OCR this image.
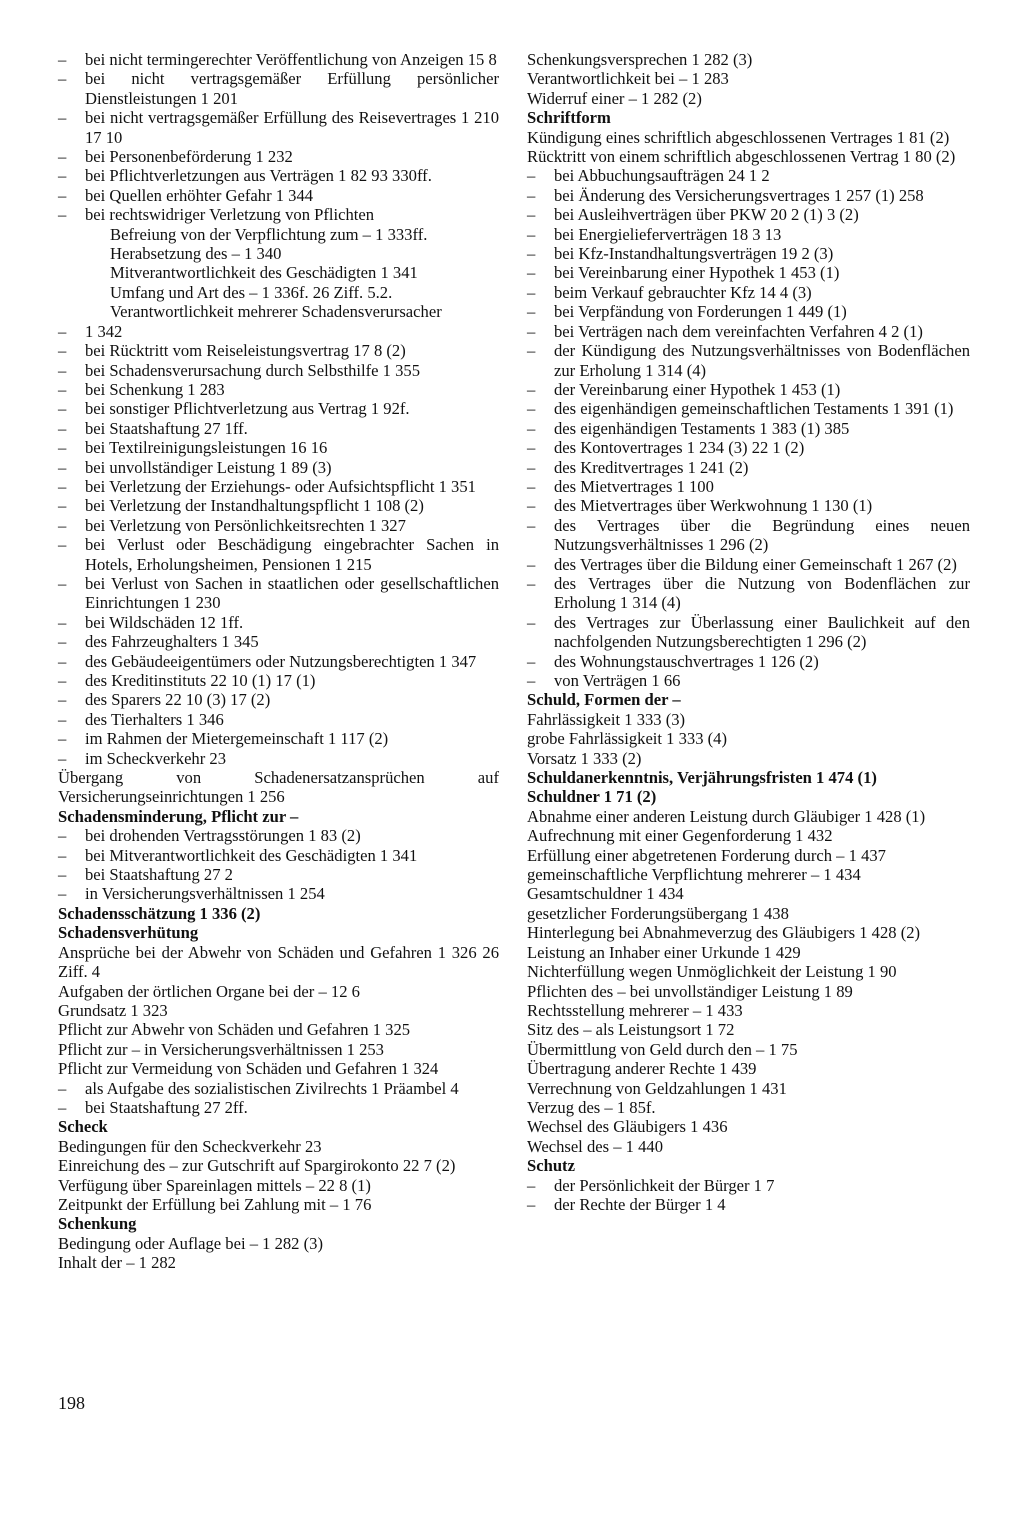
– bei nicht termingerechter Veröffentlichung von Anzeigen 15 8
– bei nicht vertragsgemäßer Erfüllung persönlicher Dienstleistungen 1 201
– bei nicht vertragsgemäßer Erfüllung des Reisevertrages 1 210 17 10
– bei Personenbeförderung 1 232
– bei Pflichtverletzungen aus Verträgen 1 82 93 330ff.
– bei Quellen erhöhter Gefahr 1 344
– bei rechtswidriger Verletzung von Pflichten
Befreiung von der Verpflichtung zum – 1 333ff.
Herabsetzung des – 1 340
Mitverantwortlichkeit des Geschädigten 1 341
Umfang und Art des – 1 336f. 26 Ziff. 5.2.
Verantwortlichkeit mehrerer Schadensverursacher
– 1 342
– bei Rücktritt vom Reiseleistungsvertrag 17 8 (2)
– bei Schadensverursachung durch Selbsthilfe 1 355
– bei Schenkung 1 283
– bei sonstiger Pflichtverletzung aus Vertrag 1 92f.
– bei Staatshaftung 27 1ff.
– bei Textilreinigungsleistungen 16 16
– bei unvollständiger Leistung 1 89 (3)
– bei Verletzung der Erziehungs- oder Aufsichtspflicht 1 351
– bei Verletzung der Instandhaltungspflicht 1 108 (2)
– bei Verletzung von Persönlichkeitsrechten 1 327
– bei Verlust oder Beschädigung eingebrachter Sachen in Hotels, Erholungsheimen, Pensionen 1 215
– bei Verlust von Sachen in staatlichen oder gesellschaftlichen Einrichtungen 1 230
– bei Wildschäden 12 1ff.
– des Fahrzeughalters 1 345
– des Gebäudeeigentümers oder Nutzungsberechtigten 1 347
– des Kreditinstituts 22 10 (1) 17 (1)
– des Sparers 22 10 (3) 17 (2)
– des Tierhalters 1 346
– im Rahmen der Mietergemeinschaft 1 117 (2)
– im Scheckverkehr 23
Übergang von Schadenersatzansprüchen auf Versicherungseinrichtungen 1 256
Schadensminderung, Pflicht zur –
– bei drohenden Vertragsstörungen 1 83 (2)
– bei Mitverantwortlichkeit des Geschädigten 1 341
– bei Staatshaftung 27 2
– in Versicherungsverhältnissen 1 254
Schadensschätzung 1 336 (2)
Schadensverhütung
Ansprüche bei der Abwehr von Schäden und Gefahren 1 326 26 Ziff. 4
Aufgaben der örtlichen Organe bei der – 12 6
Grundsatz 1 323
Pflicht zur Abwehr von Schäden und Gefahren 1 325
Pflicht zur – in Versicherungsverhältnissen 1 253
Pflicht zur Vermeidung von Schäden und Gefahren 1 324
– als Aufgabe des sozialistischen Zivilrechts 1 Präambel 4
– bei Staatshaftung 27 2ff.
Scheck
Bedingungen für den Scheckverkehr 23
Einreichung des – zur Gutschrift auf Spargirokonto 22 7 (2)
Verfügung über Spareinlagen mittels – 22 8 (1)
Zeitpunkt der Erfüllung bei Zahlung mit – 1 76
Schenkung
Bedingung oder Auflage bei – 1 282 (3)
Inhalt der – 1 282
Schenkungsversprechen 1 282 (3)
Verantwortlichkeit bei – 1 283
Widerruf einer – 1 282 (2)
Schriftform
Kündigung eines schriftlich abgeschlossenen Vertrages 1 81 (2)
Rücktritt von einem schriftlich abgeschlossenen Vertrag 1 80 (2)
– bei Abbuchungsaufträgen 24 1 2
– bei Änderung des Versicherungsvertrages 1 257 (1) 258
– bei Ausleihverträgen über PKW 20 2 (1) 3 (2)
– bei Energielieferverträgen 18 3 13
– bei Kfz-Instandhaltungsverträgen 19 2 (3)
– bei Vereinbarung einer Hypothek 1 453 (1)
– beim Verkauf gebrauchter Kfz 14 4 (3)
– bei Verpfändung von Forderungen 1 449 (1)
– bei Verträgen nach dem vereinfachten Verfahren 4 2 (1)
– der Kündigung des Nutzungsverhältnisses von Bodenflächen zur Erholung 1 314 (4)
– der Vereinbarung einer Hypothek 1 453 (1)
– des eigenhändigen gemeinschaftlichen Testaments 1 391 (1)
– des eigenhändigen Testaments 1 383 (1) 385
– des Kontovertrages 1 234 (3) 22 1 (2)
– des Kreditvertrages 1 241 (2)
– des Mietvertrages 1 100
– des Mietvertrages über Werkwohnung 1 130 (1)
– des Vertrages über die Begründung eines neuen Nutzungsverhältnisses 1 296 (2)
– des Vertrages über die Bildung einer Gemeinschaft 1 267 (2)
– des Vertrages über die Nutzung von Bodenflächen zur Erholung 1 314 (4)
– des Vertrages zur Überlassung einer Baulichkeit auf den nachfolgenden Nutzungsberechtigten 1 296 (2)
– des Wohnungstauschvertrages 1 126 (2)
– von Verträgen 1 66
Schuld, Formen der –
Fahrlässigkeit 1 333 (3)
grobe Fahrlässigkeit 1 333 (4)
Vorsatz 1 333 (2)
Schuldanerkenntnis, Verjährungsfristen 1 474 (1)
Schuldner 1 71 (2)
Abnahme einer anderen Leistung durch Gläubiger 1 428 (1)
Aufrechnung mit einer Gegenforderung 1 432
Erfüllung einer abgetretenen Forderung durch – 1 437
gemeinschaftliche Verpflichtung mehrerer – 1 434
Gesamtschuldner 1 434
gesetzlicher Forderungsübergang 1 438
Hinterlegung bei Abnahmeverzug des Gläubigers 1 428 (2)
Leistung an Inhaber einer Urkunde 1 429
Nichterfüllung wegen Unmöglichkeit der Leistung 1 90
Pflichten des – bei unvollständiger Leistung 1 89
Rechtsstellung mehrerer – 1 433
Sitz des – als Leistungsort 1 72
Übermittlung von Geld durch den – 1 75
Übertragung anderer Rechte 1 439
Verrechnung von Geldzahlungen 1 431
Verzug des – 1 85f.
Wechsel des Gläubigers 1 436
Wechsel des – 1 440
Schutz
– der Persönlichkeit der Bürger 1 7
– der Rechte der Bürger 1 4
198
